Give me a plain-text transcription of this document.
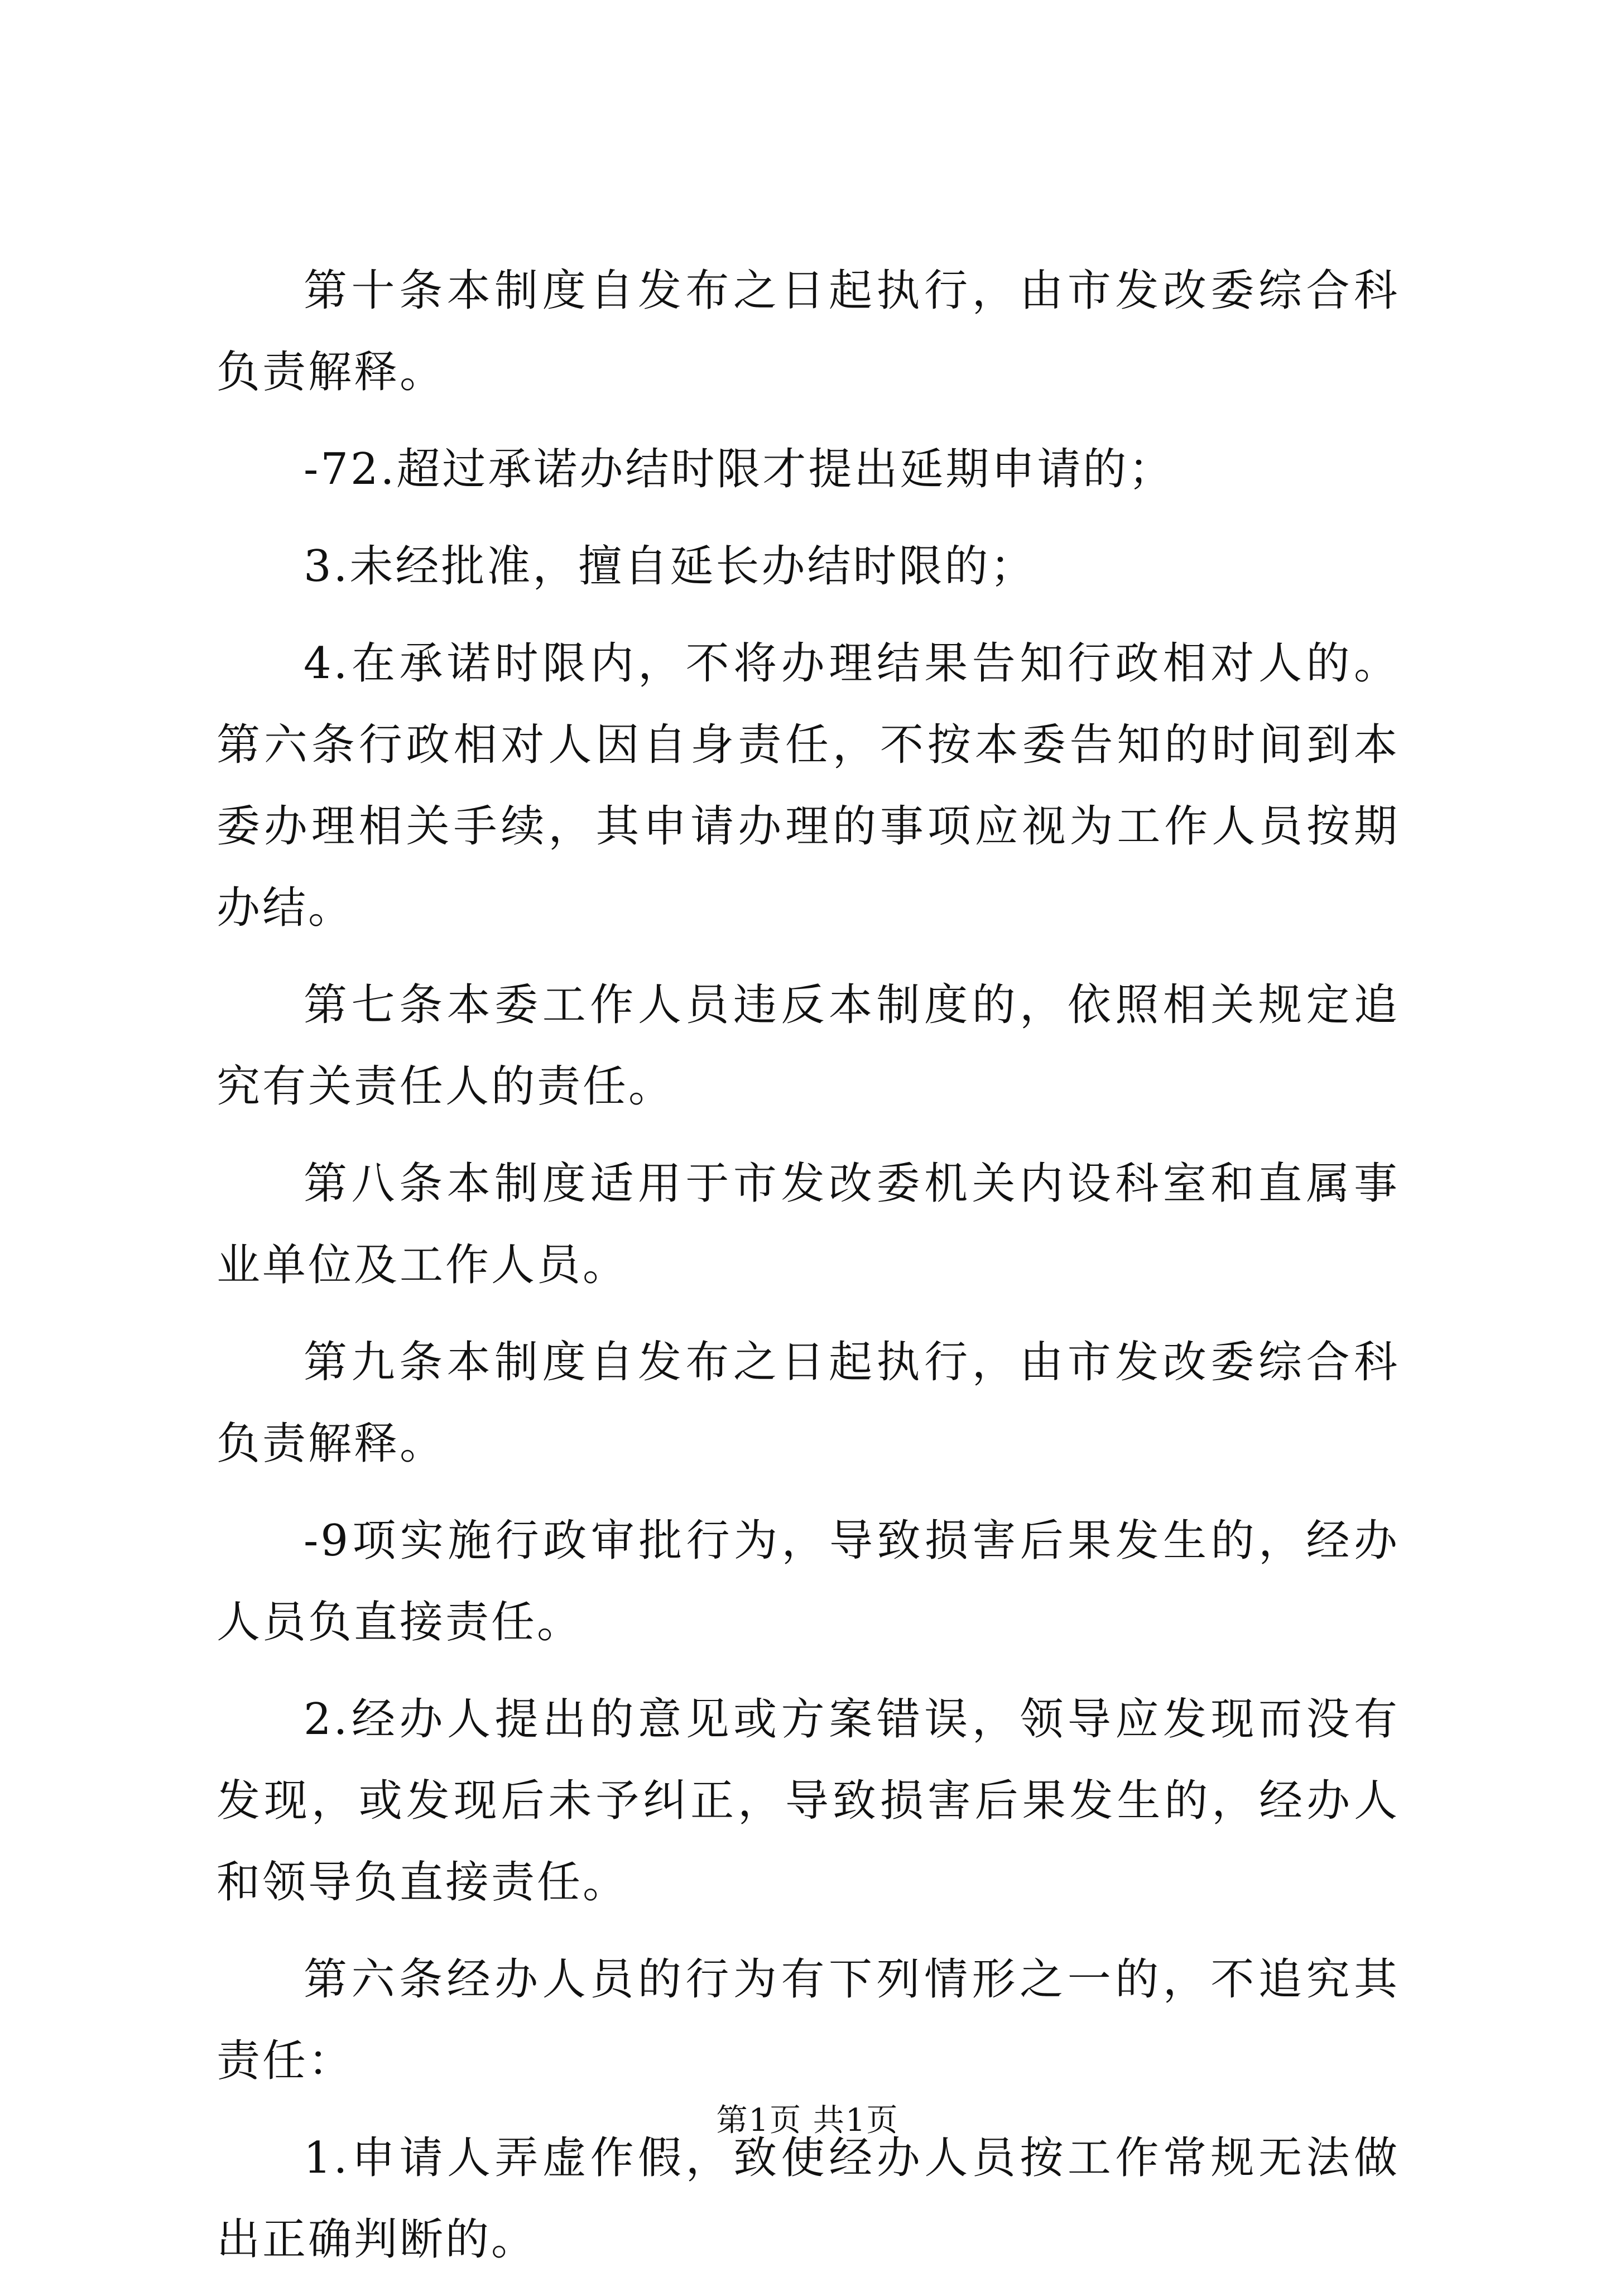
第十条本制度自发布之日起执行，由市发改委综合科负责解释。

-72.超过承诺办结时限才提出延期申请的；

3.未经批准，擅自延长办结时限的；

4.在承诺时限内，不将办理结果告知行政相对人的。第六条行政相对人因自身责任，不按本委告知的时间到本委办理相关手续，其申请办理的事项应视为工作人员按期办结。

第七条本委工作人员违反本制度的，依照相关规定追究有关责任人的责任。

第八条本制度适用于市发改委机关内设科室和直属事业单位及工作人员。

第九条本制度自发布之日起执行，由市发改委综合科负责解释。

-9项实施行政审批行为，导致损害后果发生的，经办人员负直接责任。

2.经办人提出的意见或方案错误，领导应发现而没有发现，或发现后未予纠正，导致损害后果发生的，经办人和领导负直接责任。

第六条经办人员的行为有下列情形之一的，不追究其责任：

1.申请人弄虚作假，致使经办人员按工作常规无法做出正确判断的。

第1页 共1页
